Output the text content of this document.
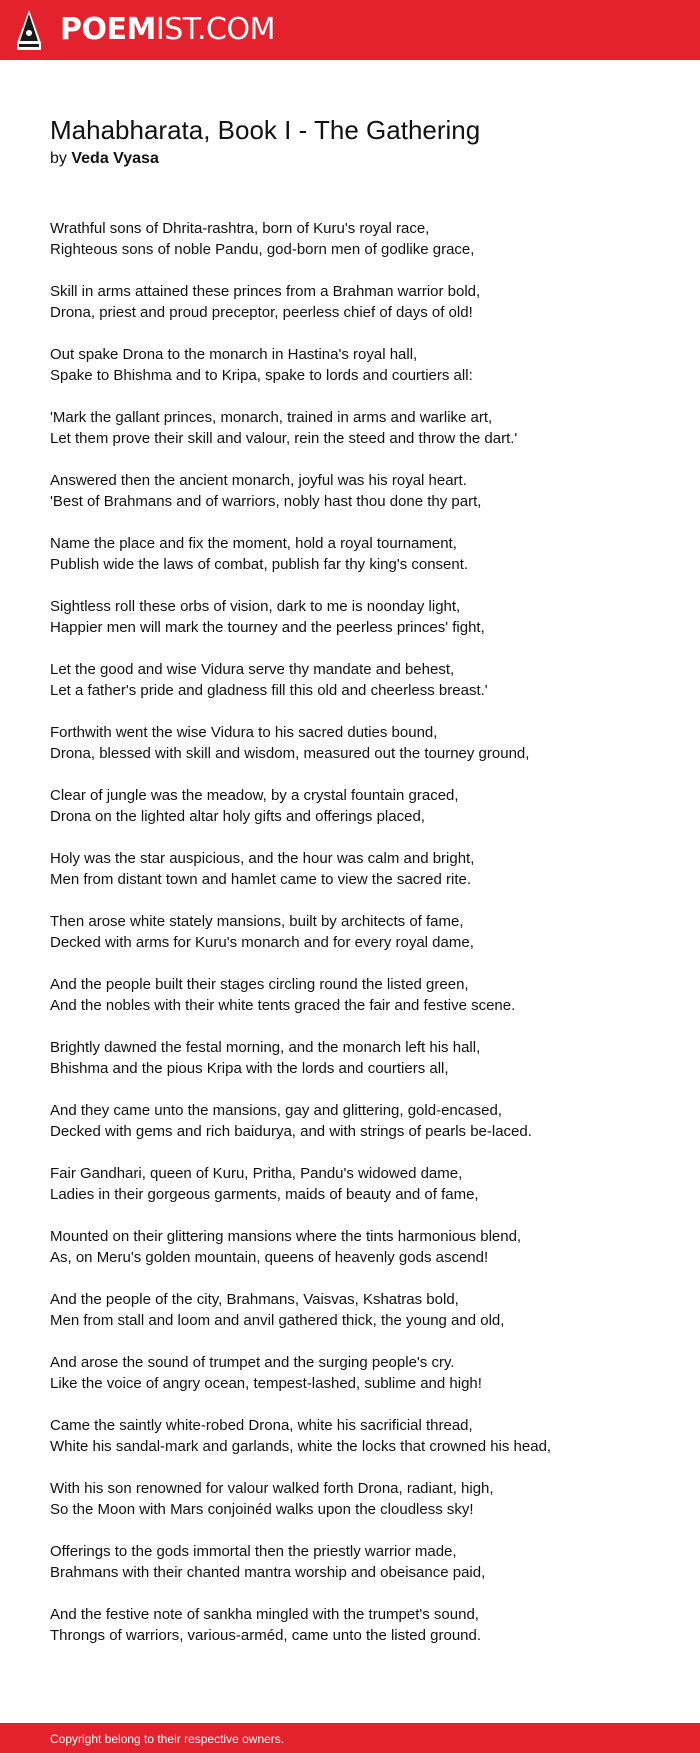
POEMIST.COM
Mahabharata, Book I - The Gathering
by Veda Vyasa
Wrathful sons of Dhrita-rashtra, born of Kuru's royal race,
Righteous sons of noble Pandu, god-born men of godlike grace,
Skill in arms attained these princes from a Brahman warrior bold,
Drona, priest and proud preceptor, peerless chief of days of old!
Out spake Drona to the monarch in Hastina's royal hall,
Spake to Bhishma and to Kripa, spake to lords and courtiers all:
'Mark the gallant princes, monarch, trained in arms and warlike art,
Let them prove their skill and valour, rein the steed and throw the dart.'
Answered then the ancient monarch, joyful was his royal heart.
'Best of Brahmans and of warriors, nobly hast thou done thy part,
Name the place and fix the moment, hold a royal tournament,
Publish wide the laws of combat, publish far thy king's consent.
Sightless roll these orbs of vision, dark to me is noonday light,
Happier men will mark the tourney and the peerless princes' fight,
Let the good and wise Vidura serve thy mandate and behest,
Let a father's pride and gladness fill this old and cheerless breast.'
Forthwith went the wise Vidura to his sacred duties bound,
Drona, blessed with skill and wisdom, measured out the tourney ground,
Clear of jungle was the meadow, by a crystal fountain graced,
Drona on the lighted altar holy gifts and offerings placed,
Holy was the star auspicious, and the hour was calm and bright,
Men from distant town and hamlet came to view the sacred rite.
Then arose white stately mansions, built by architects of fame,
Decked with arms for Kuru's monarch and for every royal dame,
And the people built their stages circling round the listed green,
And the nobles with their white tents graced the fair and festive scene.
Brightly dawned the festal morning, and the monarch left his hall,
Bhishma and the pious Kripa with the lords and courtiers all,
And they came unto the mansions, gay and glittering, gold-encased,
Decked with gems and rich baidurya, and with strings of pearls be-laced.
Fair Gandhari, queen of Kuru, Pritha, Pandu's widowed dame,
Ladies in their gorgeous garments, maids of beauty and of fame,
Mounted on their glittering mansions where the tints harmonious blend,
As, on Meru's golden mountain, queens of heavenly gods ascend!
And the people of the city, Brahmans, Vaisvas, Kshatras bold,
Men from stall and loom and anvil gathered thick, the young and old,
And arose the sound of trumpet and the surging people's cry.
Like the voice of angry ocean, tempest-lashed, sublime and high!
Came the saintly white-robed Drona, white his sacrificial thread,
White his sandal-mark and garlands, white the locks that crowned his head,
With his son renowned for valour walked forth Drona, radiant, high,
So the Moon with Mars conjoinéd walks upon the cloudless sky!
Offerings to the gods immortal then the priestly warrior made,
Brahmans with their chanted mantra worship and obeisance paid,
And the festive note of sankha mingled with the trumpet's sound,
Throngs of warriors, various-arméd, came unto the listed ground.
Copyright belong to their respective owners.
